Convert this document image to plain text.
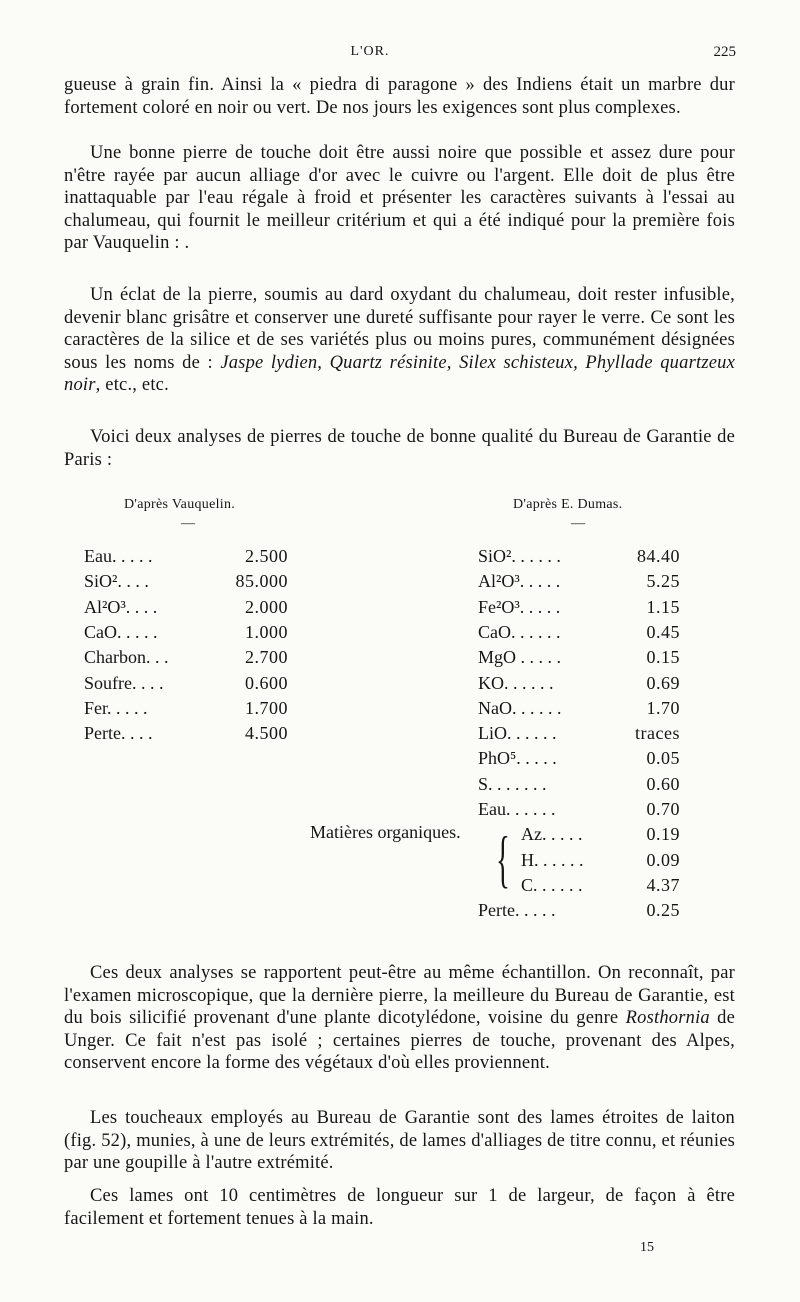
L'OR.	225

gueuse à grain fin. Ainsi la « piedra di paragone » des Indiens était un marbre dur fortement coloré en noir ou vert. De nos jours les exigences sont plus complexes.

Une bonne pierre de touche doit être aussi noire que possible et assez dure pour n'être rayée par aucun alliage d'or avec le cuivre ou l'argent. Elle doit de plus être inattaquable par l'eau régale à froid et présenter les caractères suivants à l'essai au chalumeau, qui fournit le meilleur critérium et qui a été indiqué pour la première fois par Vauquelin : .

Un éclat de la pierre, soumis au dard oxydant du chalumeau, doit rester infusible, devenir blanc grisâtre et conserver une dureté suffisante pour rayer le verre. Ce sont les caractères de la silice et de ses variétés plus ou moins pures, communément désignées sous les noms de : Jaspe lydien, Quartz résinite, Silex schisteux, Phyllade quartzeux noir, etc., etc.

Voici deux analyses de pierres de touche de bonne qualité du Bureau de Garantie de Paris :

D'après Vauquelin.
—
Eau. . . . .	2.500
SiO². . . .	85.000
Al²O³. . . .	2.000
CaO. . . . .	1.000
Charbon. . .	2.700
Soufre. . . .	0.600
Fer. . . . .	1.700
Perte. . . .	4.500
D'après E. Dumas.
—
SiO². . . . . .	84.40
Al²O³. . . . .	5.25
Fe²O³. . . . .	1.15
CaO. . . . . .	0.45
MgO . . . . .	0.15
KO. . . . . .	0.69
NaO. . . . . .	1.70
LiO. . . . . .	traces
PhO⁵. . . . .	0.05
S. . . . . . .	0.60
Eau. . . . . .	0.70
Az. . . . .	0.19
H. . . . . .	0.09
C. . . . . .	4.37
Perte. . . . .	0.25
Matières organiques. {

Ces deux analyses se rapportent peut-être au même échantillon. On reconnaît, par l'examen microscopique, que la dernière pierre, la meilleure du Bureau de Garantie, est du bois silicifié provenant d'une plante dicotylédone, voisine du genre Rosthornia de Unger. Ce fait n'est pas isolé ; certaines pierres de touche, provenant des Alpes, conservent encore la forme des végétaux d'où elles proviennent.

Les toucheaux employés au Bureau de Garantie sont des lames étroites de laiton (fig. 52), munies, à une de leurs extrémités, de lames d'alliages de titre connu, et réunies par une goupille à l'autre extrémité.

Ces lames ont 10 centimètres de longueur sur 1 de largeur, de façon à être facilement et fortement tenues à la main.

15
